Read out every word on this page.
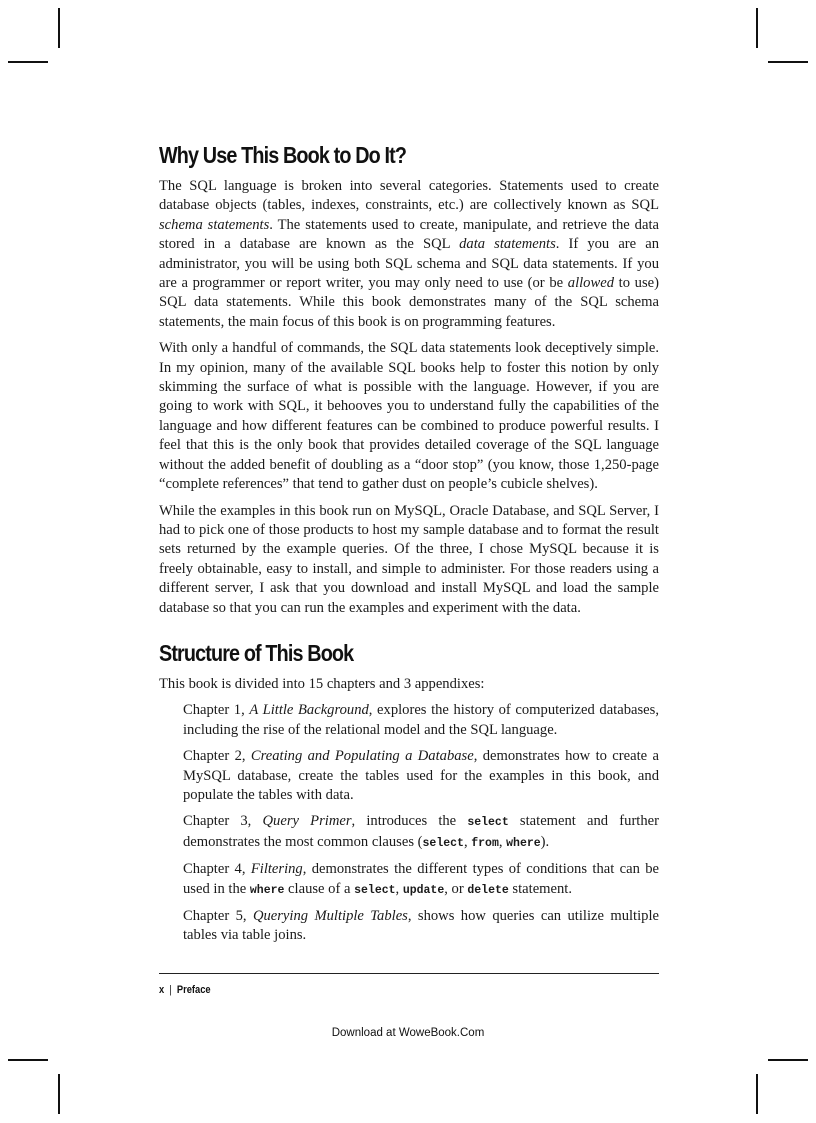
Why Use This Book to Do It?

The SQL language is broken into several categories. Statements used to create database objects (tables, indexes, constraints, etc.) are collectively known as SQL schema statements. The statements used to create, manipulate, and retrieve the data stored in a database are known as the SQL data statements. If you are an administrator, you will be using both SQL schema and SQL data statements. If you are a programmer or report writer, you may only need to use (or be allowed to use) SQL data statements. While this book demonstrates many of the SQL schema statements, the main focus of this book is on programming features.

With only a handful of commands, the SQL data statements look deceptively simple. In my opinion, many of the available SQL books help to foster this notion by only skimming the surface of what is possible with the language. However, if you are going to work with SQL, it behooves you to understand fully the capabilities of the language and how different features can be combined to produce powerful results. I feel that this is the only book that provides detailed coverage of the SQL language without the added benefit of doubling as a “door stop” (you know, those 1,250-page “complete references” that tend to gather dust on people’s cubicle shelves).

While the examples in this book run on MySQL, Oracle Database, and SQL Server, I had to pick one of those products to host my sample database and to format the result sets returned by the example queries. Of the three, I chose MySQL because it is freely obtainable, easy to install, and simple to administer. For those readers using a different server, I ask that you download and install MySQL and load the sample database so that you can run the examples and experiment with the data.

Structure of This Book

This book is divided into 15 chapters and 3 appendixes:

Chapter 1, A Little Background, explores the history of computerized databases, including the rise of the relational model and the SQL language.

Chapter 2, Creating and Populating a Database, demonstrates how to create a MySQL database, create the tables used for the examples in this book, and populate the tables with data.

Chapter 3, Query Primer, introduces the select statement and further demonstrates the most common clauses (select, from, where).

Chapter 4, Filtering, demonstrates the different types of conditions that can be used in the where clause of a select, update, or delete statement.

Chapter 5, Querying Multiple Tables, shows how queries can utilize multiple tables via table joins.

x | Preface
Download at WoweBook.Com
